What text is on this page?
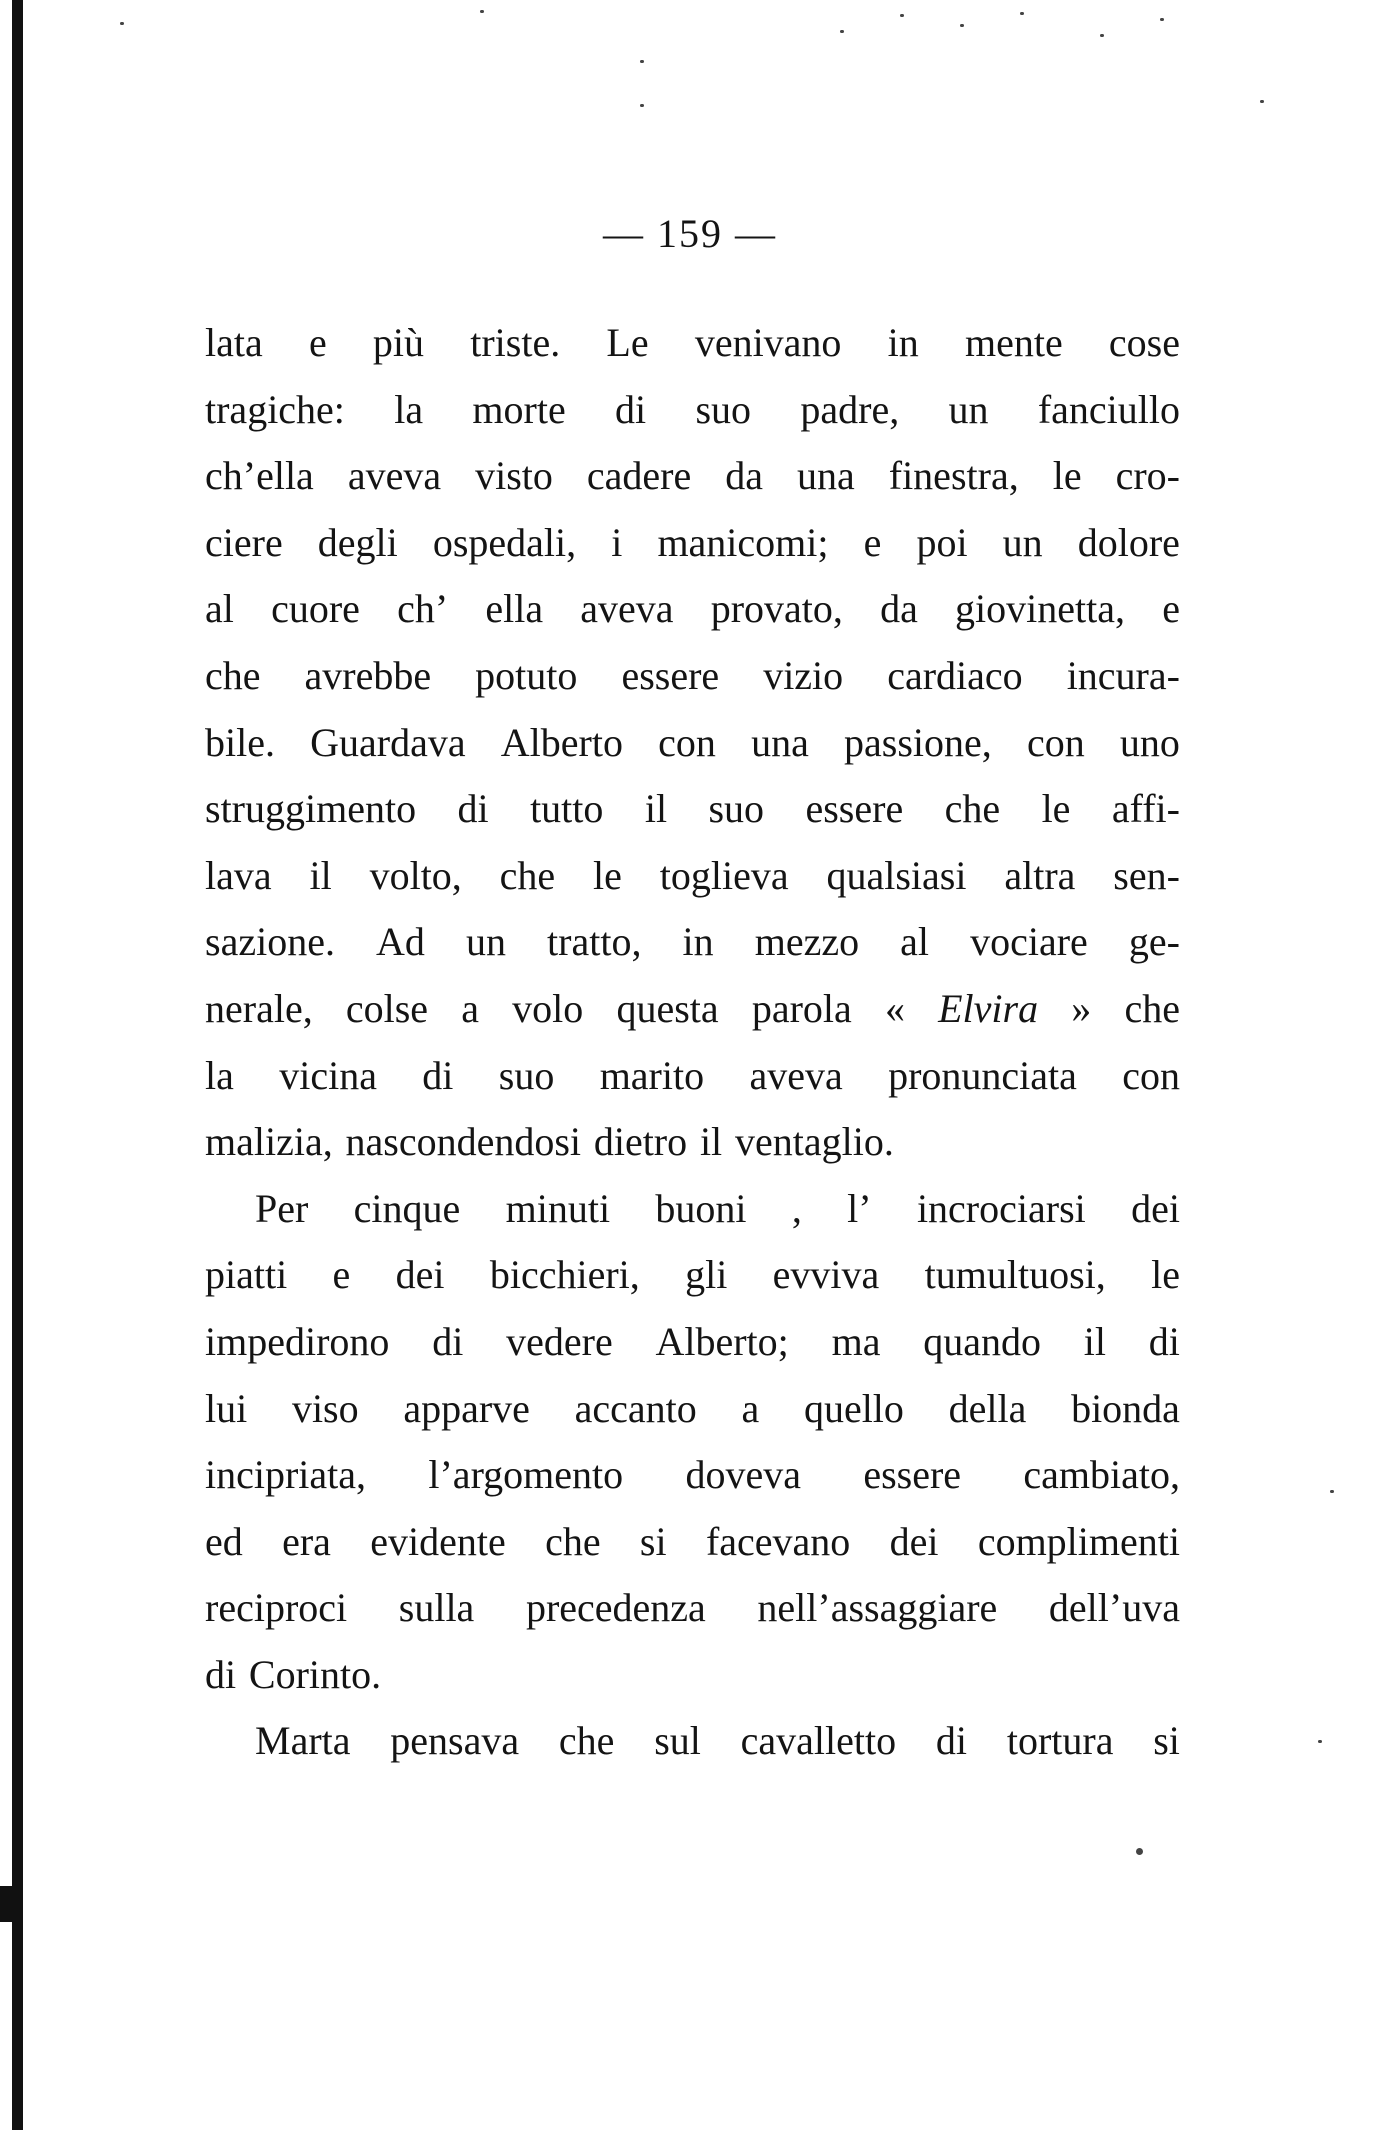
— 159 —
lata e più triste. Le venivano in mente cose
tragiche: la morte di suo padre, un fanciullo
ch’ella aveva visto cadere da una finestra, le cro-
ciere degli ospedali, i manicomi; e poi un dolore
al cuore ch’ ella aveva provato, da giovinetta, e
che avrebbe potuto essere vizio cardiaco incura-
bile. Guardava Alberto con una passione, con uno
struggimento di tutto il suo essere che le affi-
lava il volto, che le toglieva qualsiasi altra sen-
sazione. Ad un tratto, in mezzo al vociare ge-
nerale, colse a volo questa parola « Elvira » che
la vicina di suo marito aveva pronunciata con
malizia, nascondendosi dietro il ventaglio.
Per cinque minuti buoni , l’ incrociarsi dei
piatti e dei bicchieri, gli evviva tumultuosi, le
impedirono di vedere Alberto; ma quando il di
lui viso apparve accanto a quello della bionda
incipriata, l’argomento doveva essere cambiato,
ed era evidente che si facevano dei complimenti
reciproci sulla precedenza nell’assaggiare dell’uva
di Corinto.
Marta pensava che sul cavalletto di tortura si
